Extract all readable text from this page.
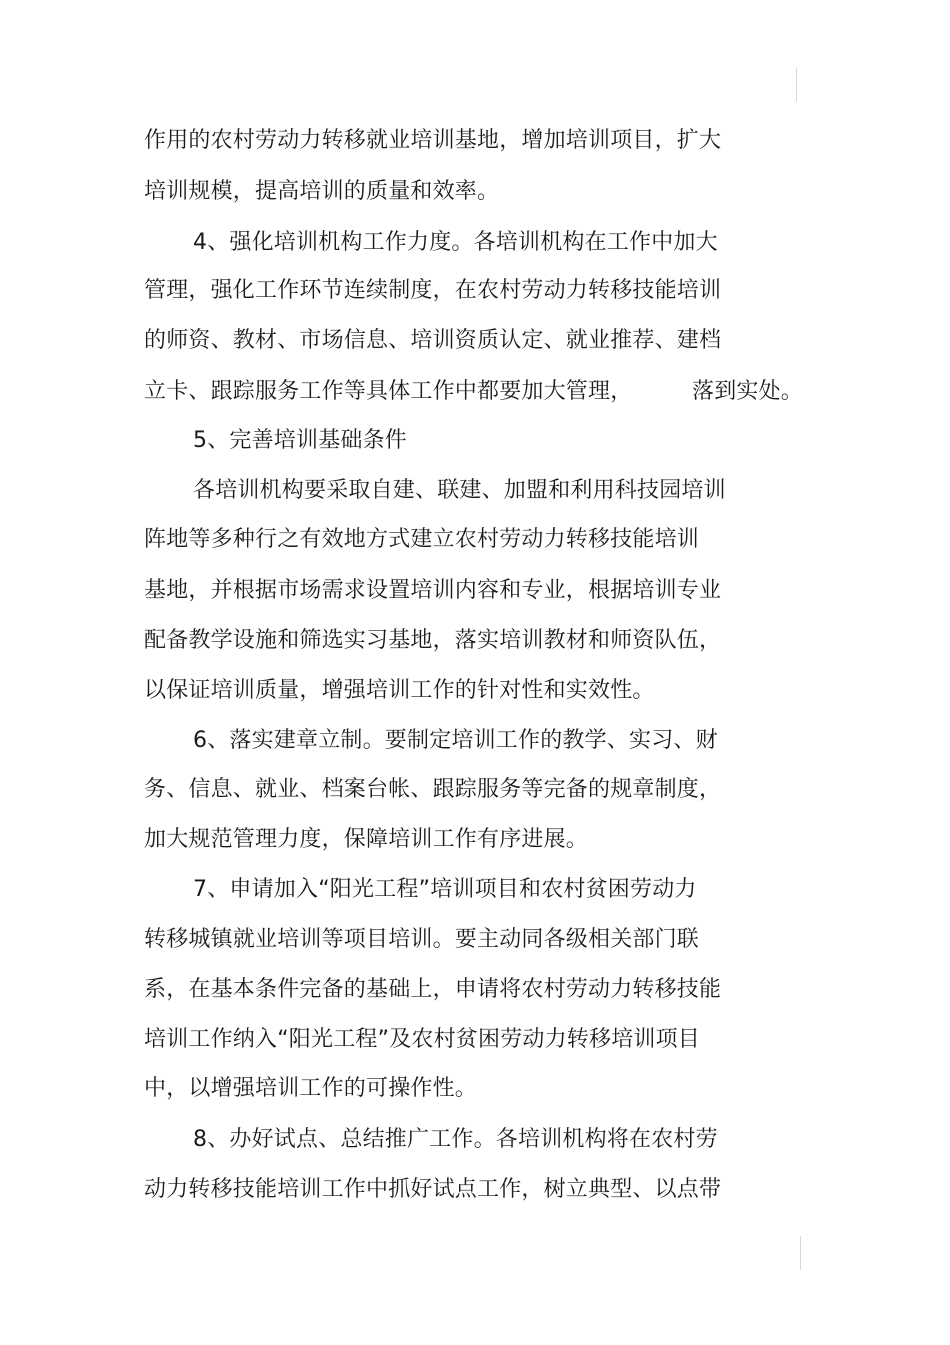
作用的农村劳动力转移就业培训基地，增加培训项目，扩大
培训规模，提高培训的质量和效率。
4、强化培训机构工作力度。各培训机构在工作中加大
管理，强化工作环节连续制度，在农村劳动力转移技能培训
的师资、教材、市场信息、培训资质认定、就业推荐、建档
立卡、跟踪服务工作等具体工作中都要加大管理，	落到实处。
5、完善培训基础条件
各培训机构要采取自建、联建、加盟和利用科技园培训
阵地等多种行之有效地方式建立农村劳动力转移技能培训
基地，并根据市场需求设置培训内容和专业，根据培训专业
配备教学设施和筛选实习基地，落实培训教材和师资队伍，
以保证培训质量，增强培训工作的针对性和实效性。
6、落实建章立制。要制定培训工作的教学、实习、财
务、信息、就业、档案台帐、跟踪服务等完备的规章制度，
加大规范管理力度，保障培训工作有序进展。
7、申请加入“阳光工程”培训项目和农村贫困劳动力
转移城镇就业培训等项目培训。要主动同各级相关部门联
系，在基本条件完备的基础上，申请将农村劳动力转移技能
培训工作纳入“阳光工程”及农村贫困劳动力转移培训项目
中，以增强培训工作的可操作性。
8、办好试点、总结推广工作。各培训机构将在农村劳
动力转移技能培训工作中抓好试点工作，树立典型、以点带
